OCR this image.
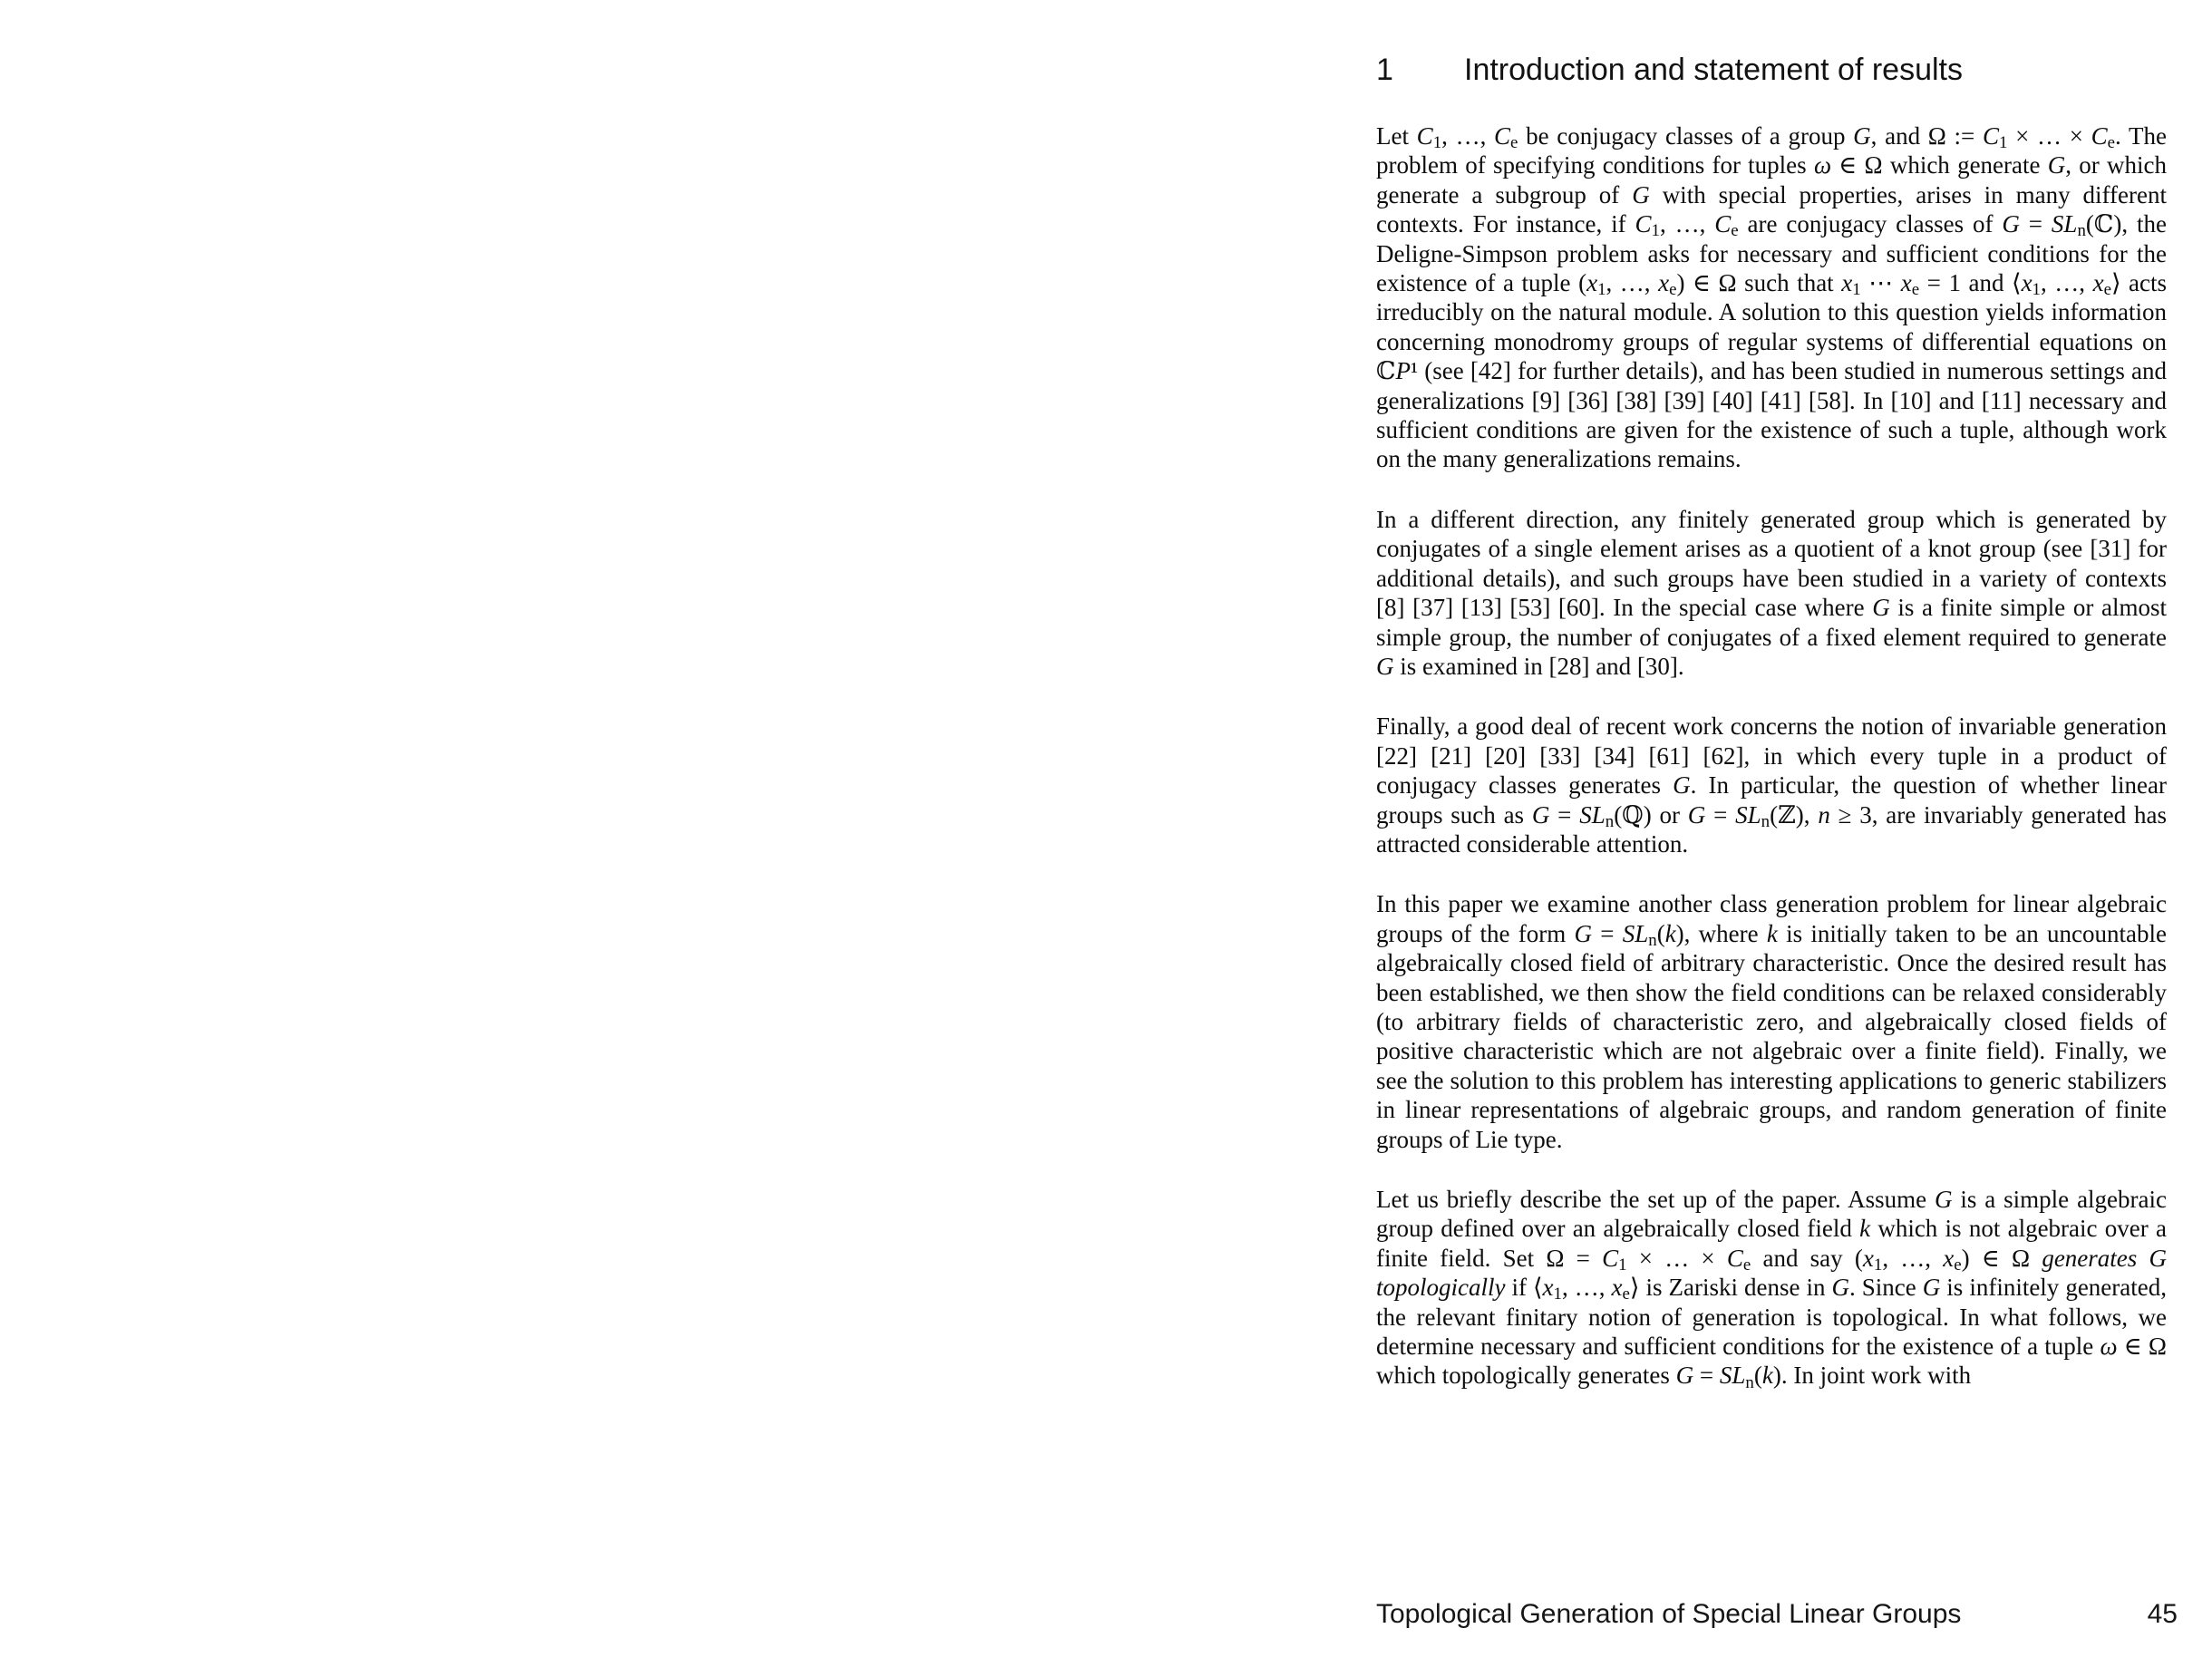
1	Introduction and statement of results

Let $C_1$, …, $C_e$ be conjugacy classes of a group G, and Ω := $C_1$ × … × $C_e$. The problem of specifying conditions for tuples ω ∈ Ω which generate G, or which generate a subgroup of G with special properties, arises in many different contexts. For instance, if $C_1$, …, $C_e$ are conjugacy classes of $G = SL_n(ℂ)$, the Deligne-Simpson problem asks for necessary and sufficient conditions for the existence of a tuple ($x_1$, …, $x_e$) ∈ Ω such that $x_1$ ⋯ $x_e = 1$ and $⟨x_1$, …, $x_e⟩$ acts irreducibly on the natural module. A solution to this question yields information concerning monodromy groups of regular systems of differential equations on ℂP¹ (see [42] for further details), and has been studied in numerous settings and generalizations [9] [36] [38] [39] [40] [41] [58]. In [10] and [11] necessary and sufficient conditions are given for the existence of such a tuple, although work on the many generalizations remains.

In a different direction, any finitely generated group which is generated by conjugates of a single element arises as a quotient of a knot group (see [31] for additional details), and such groups have been studied in a variety of contexts [8] [37] [13] [53] [60]. In the special case where G is a finite simple or almost simple group, the number of conjugates of a fixed element required to generate G is examined in [28] and [30].

Finally, a good deal of recent work concerns the notion of invariable generation [22] [21] [20] [33] [34] [61] [62], in which every tuple in a product of conjugacy classes generates G. In particular, the question of whether linear groups such as $G = SL_n(ℚ)$ or $G = SL_n(ℤ)$, n ≥ 3, are invariably generated has attracted considerable attention.

In this paper we examine another class generation problem for linear algebraic groups of the form $G = SL_n(k)$, where k is initially taken to be an uncountable algebraically closed field of arbitrary characteristic. Once the desired result has been established, we then show the field conditions can be relaxed considerably (to arbitrary fields of characteristic zero, and algebraically closed fields of positive characteristic which are not algebraic over a finite field). Finally, we see the solution to this problem has interesting applications to generic stabilizers in linear representations of algebraic groups, and random generation of finite groups of Lie type.

Let us briefly describe the set up of the paper. Assume G is a simple algebraic group defined over an algebraically closed field k which is not algebraic over a finite field. Set $\Omega = C_1$ × … × $C_e$ and say ($x_1$, …, $x_e$) ∈ Ω generates G topologically if $⟨x_1$, …, $x_e⟩$ is Zariski dense in G. Since G is infinitely generated, the relevant finitary notion of generation is topological. In what follows, we determine necessary and sufficient conditions for the existence of a tuple ω ∈ Ω which topologically generates $G = SL_n(k)$. In joint work with

Topological Generation of Special Linear Groups	45
